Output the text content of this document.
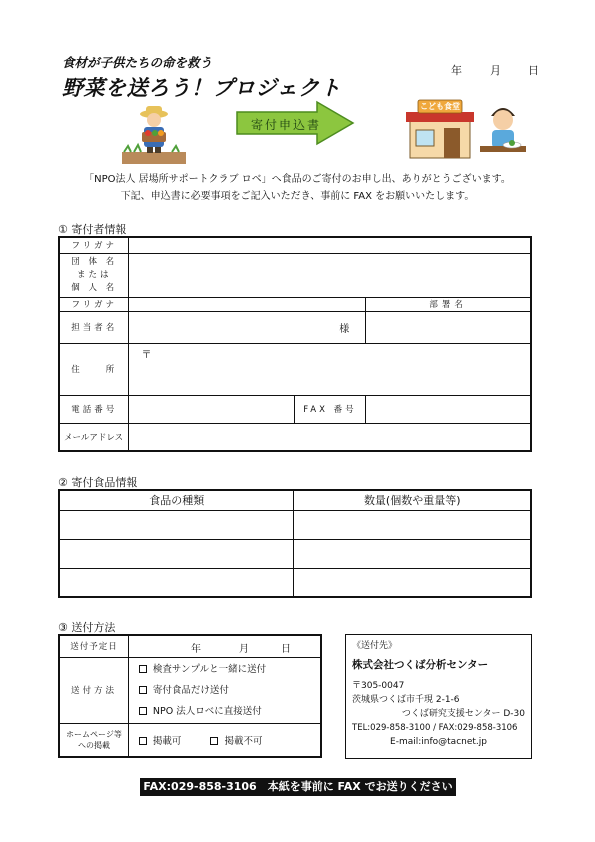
食材が子供たちの命を救う
野菜を送ろう！プロジェクト
年	月 日
寄付申込書
こども食堂
「NPO法人 居場所サポートクラブ ロベ」へ食品のご寄付のお申し出、ありがとうございます。
下記、申込書に必要事項をご記入いただき、事前に FAX をお願いいたします。
① 寄付者情報
フリガナ			

団 体 名
または
個 人 名			

フリガナ			部署名
担当者名	様		
住　　所	〒		
電話番号		FAX 番号	
メールアドレス			
② 寄付食品情報
食品の種類	数量(個数や重量等)

③ 送付方法
送付予定日	年 月 日

送付方法	検査サンプルと一緒に送付
寄付食品だけ送付
NPO 法人ロベに直接送付

ホームページ等
への掲載	掲載可 掲載不可
《送付先》
株式会社つくば分析センター
〒305-0047
茨城県つくば市千現 2-1-6
つくば研究支援センター D-30
TEL:029-858-3100 / FAX:029-858-3106
E-mail:info@tacnet.jp
FAX:029-858-3106　本紙を事前に FAX でお送りください
